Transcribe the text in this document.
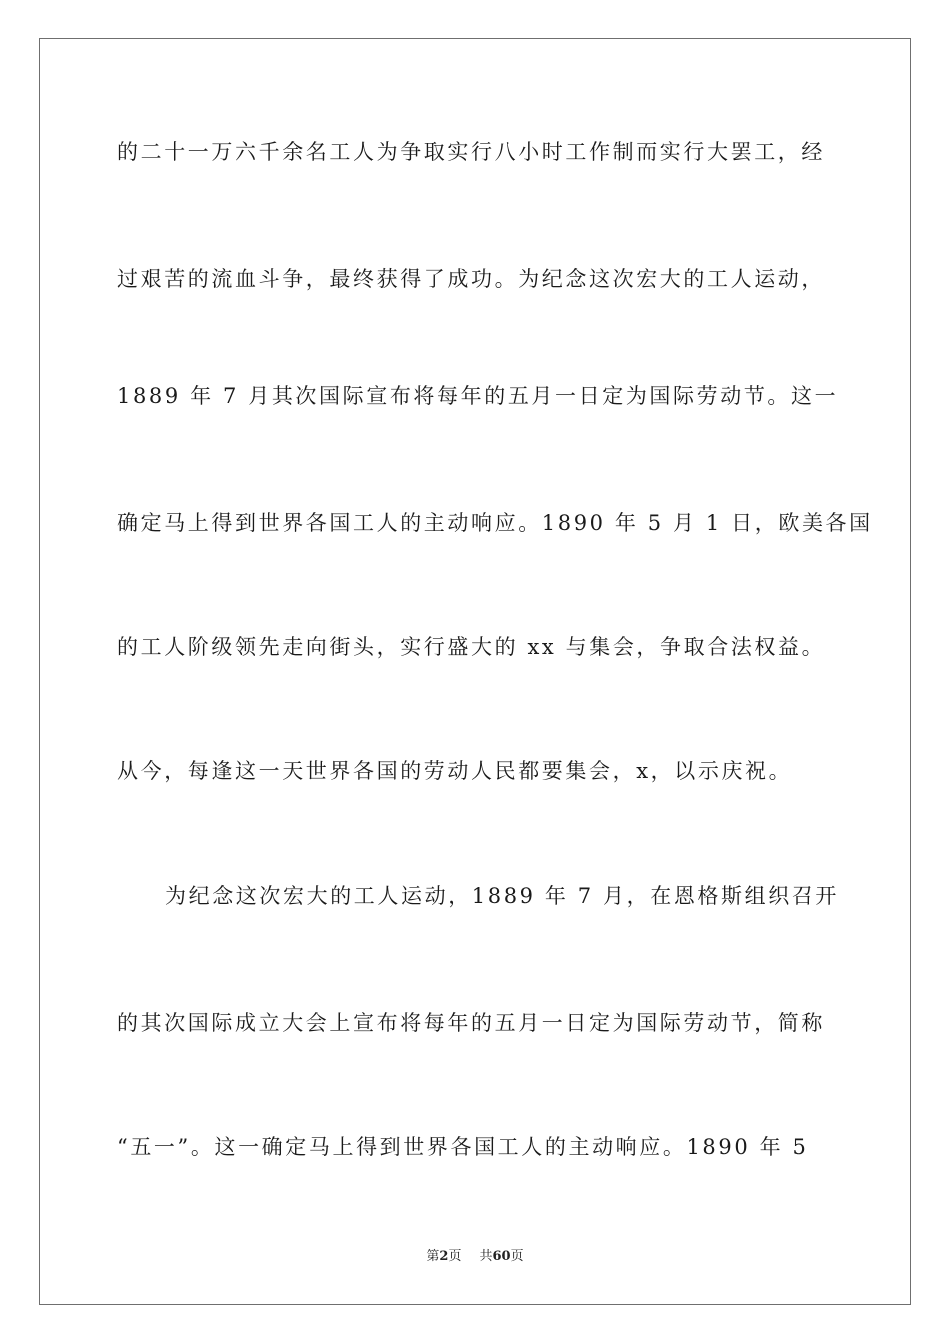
的二十一万六千余名工人为争取实行八小时工作制而实行大罢工，经
过艰苦的流血斗争，最终获得了成功。为纪念这次宏大的工人运动，
1889 年 7 月其次国际宣布将每年的五月一日定为国际劳动节。这一
确定马上得到世界各国工人的主动响应。1890 年 5 月 1 日，欧美各国
的工人阶级领先走向街头，实行盛大的 xx 与集会，争取合法权益。
从今，每逢这一天世界各国的劳动人民都要集会，x，以示庆祝。
为纪念这次宏大的工人运动，1889 年 7 月，在恩格斯组织召开
的其次国际成立大会上宣布将每年的五月一日定为国际劳动节，简称
“五一”。这一确定马上得到世界各国工人的主动响应。1890 年 5
第2页 共60页
